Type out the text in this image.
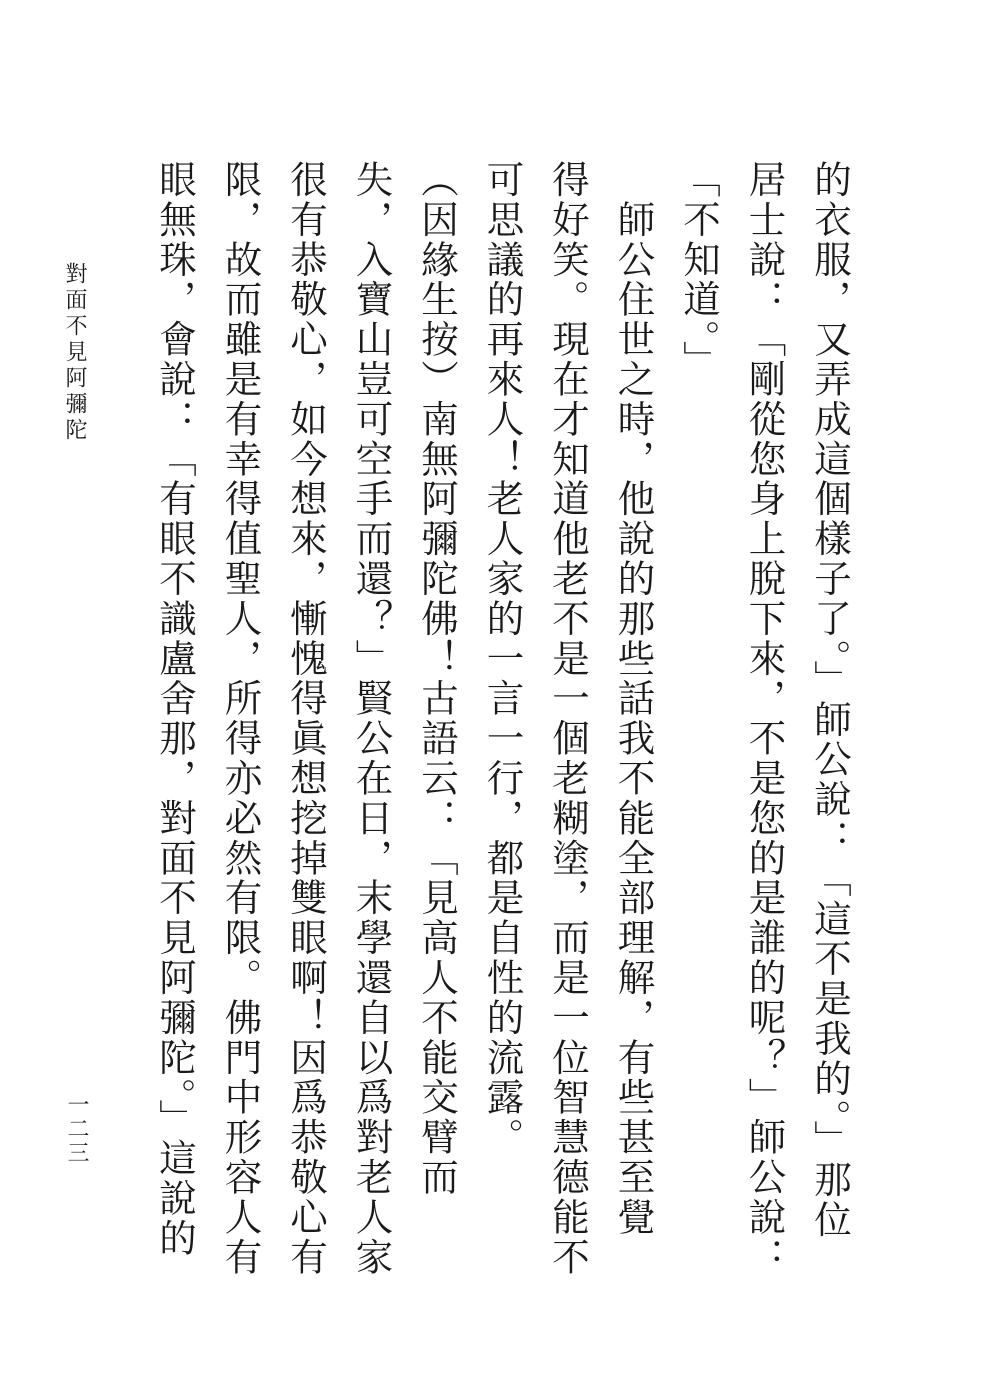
的衣服，又弄成這個樣子了。」師公說：「這不是我的。」那位

居士說：「剛從您身上脫下來，不是您的是誰的呢？」師公說：

「不知道。」

　師公住世之時，他說的那些話我不能全部理解，有些甚至覺

得好笑。現在才知道他老不是一個老糊塗，而是一位智慧德能不

可思議的再來人！老人家的一言一行，都是自性的流露。

（因緣生按）南無阿彌陀佛！古語云：「見高人不能交臂而

失，入寶山豈可空手而還？」賢公在日，末學還自以爲對老人家

很有恭敬心，如今想來，慚愧得眞想挖掉雙眼啊！因爲恭敬心有

限，故而雖是有幸得值聖人，所得亦必然有限。佛門中形容人有

眼無珠，會說：「有眼不識盧舍那，對面不見阿彌陀。」這說的

對面不見阿彌陀
一二三
